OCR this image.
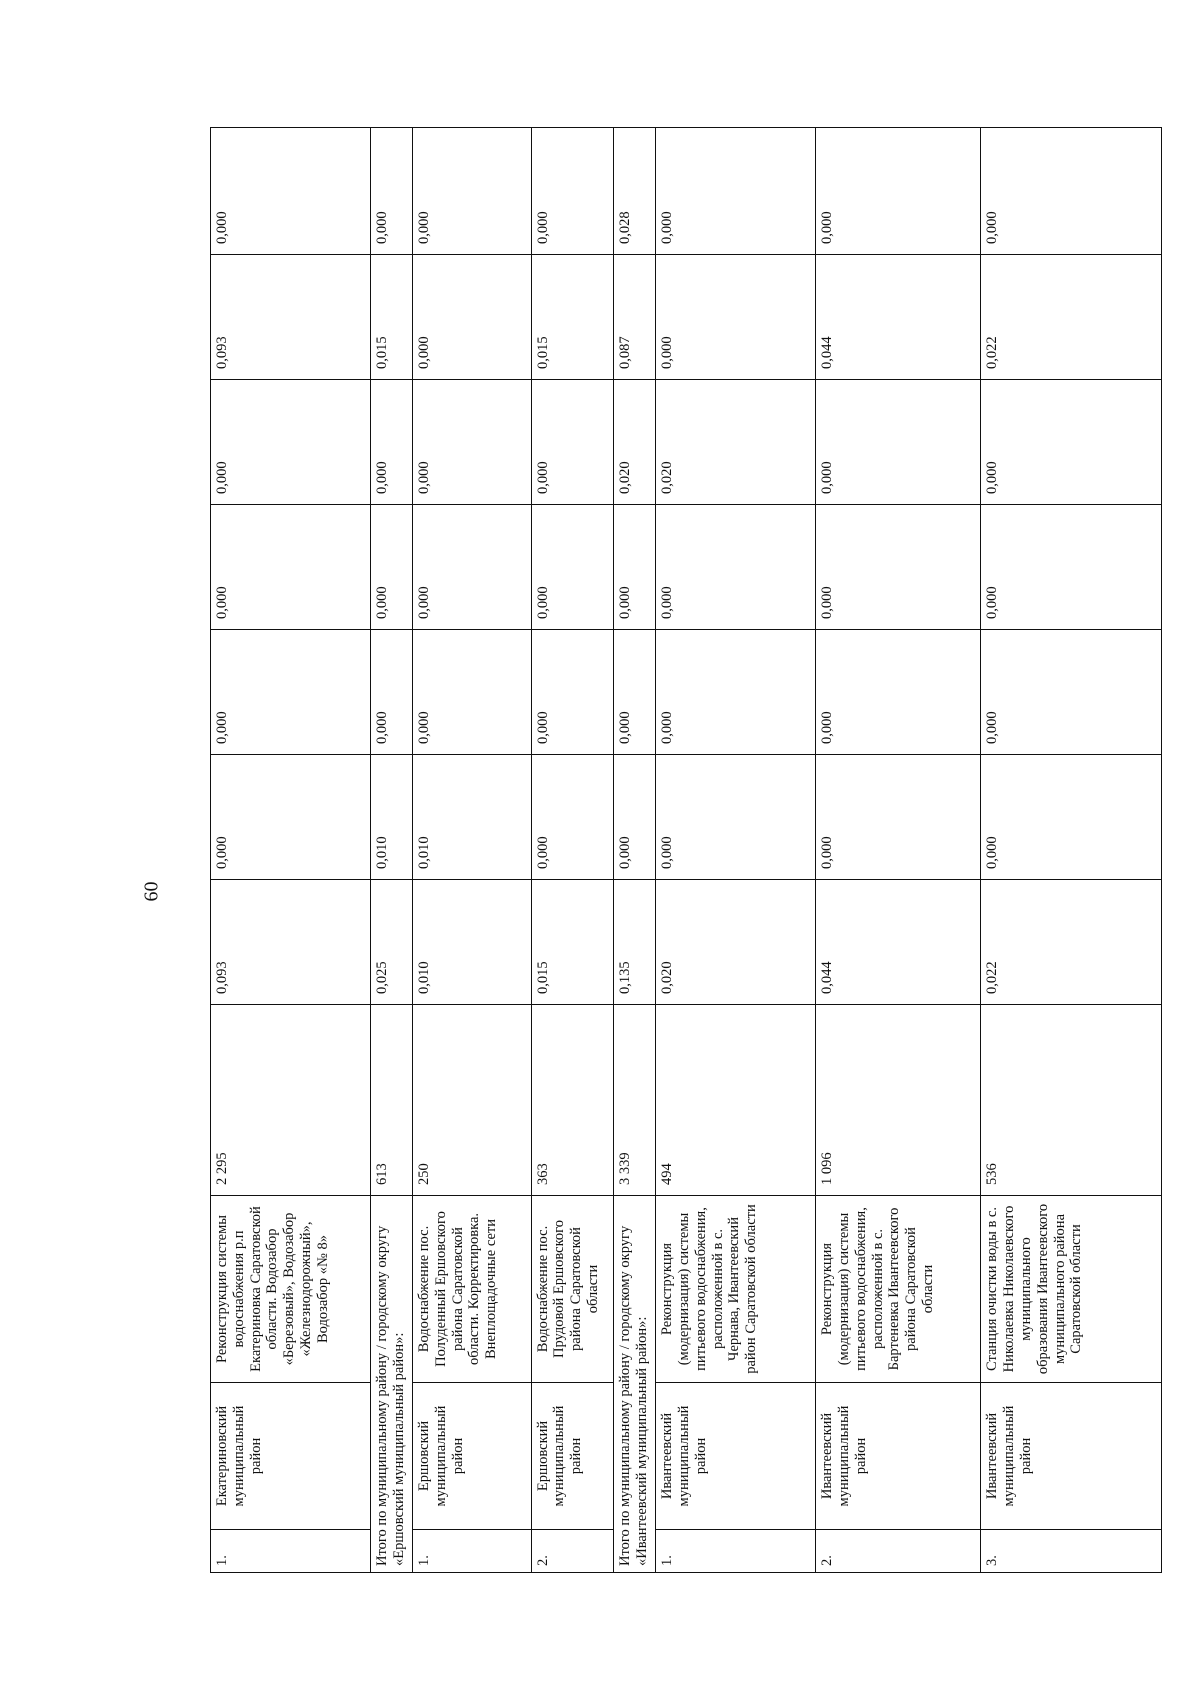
60
1.	Екатериновский муниципальный район	Реконструкция системы водоснабжения р.п Екатериновка Саратовской области. Водозабор «Березовый», Водозабор «Железнодорожный», Водозабор «№ 8»	2 295	0,093	0,000	0,000	0,000	0,000	0,093	0,000
Итого по муниципальному району / городскому округу «Ершовский муниципальный район»:			613	0,025	0,010	0,000	0,000	0,000	0,015	0,000
1.	Ершовский муниципальный район	Водоснабжение пос. Полуденный Ершовского района Саратовской области. Корректировка. Внеплощадочные сети	250	0,010	0,010	0,000	0,000	0,000	0,000	0,000
2.	Ершовский муниципальный район	Водоснабжение пос. Прудовой Ершовского района Саратовской области	363	0,015	0,000	0,000	0,000	0,000	0,015	0,000
Итого по муниципальному району / городскому округу «Ивантеевский муниципальный район»:			3 339	0,135	0,000	0,000	0,000	0,020	0,087	0,028
1.	Ивантеевский муниципальный район	Реконструкция (модернизация) системы питьевого водоснабжения, расположенной в с. Чернава, Ивантеевский район Саратовской области	494	0,020	0,000	0,000	0,000	0,020	0,000	0,000
2.	Ивантеевский муниципальный район	Реконструкция (модернизация) системы питьевого водоснабжения, расположенной в с. Бартеневка Ивантеевского района Саратовской области	1 096	0,044	0,000	0,000	0,000	0,000	0,044	0,000
3.	Ивантеевский муниципальный район	Станция очистки воды в с. Николаевка Николаевского муниципального образования Ивантеевского муниципального района Саратовской области	536	0,022	0,000	0,000	0,000	0,000	0,022	0,000
